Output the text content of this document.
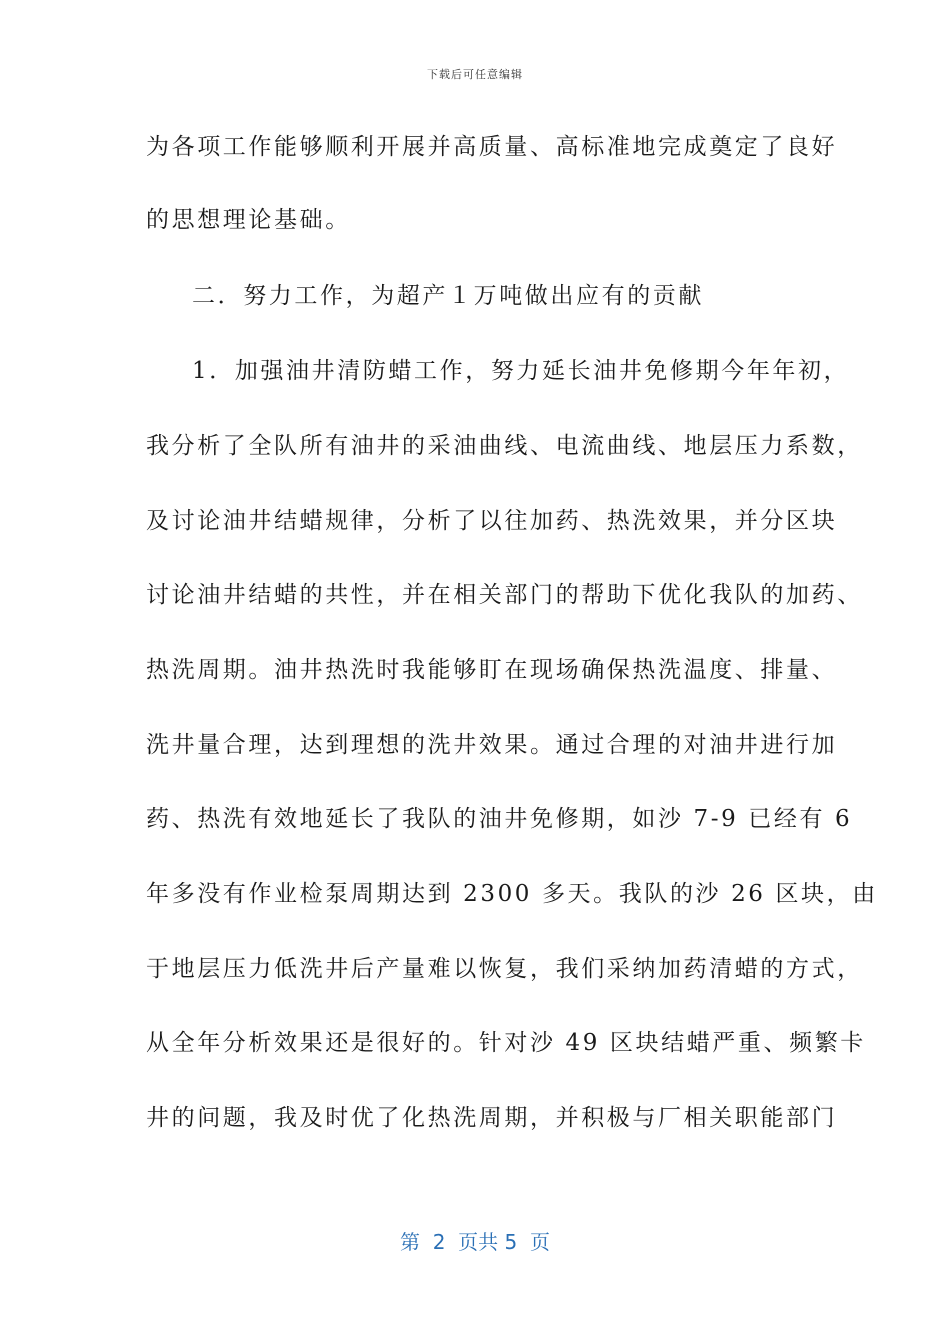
下载后可任意编辑
为各项工作能够顺利开展并高质量、高标准地完成奠定了良好
的思想理论基础。
二．努力工作，为超产１万吨做出应有的贡献
1．加强油井清防蜡工作，努力延长油井免修期今年年初，
我分析了全队所有油井的采油曲线、电流曲线、地层压力系数，
及讨论油井结蜡规律，分析了以往加药、热洗效果，并分区块
讨论油井结蜡的共性，并在相关部门的帮助下优化我队的加药、
热洗周期。油井热洗时我能够盯在现场确保热洗温度、排量、
洗井量合理，达到理想的洗井效果。通过合理的对油井进行加
药、热洗有效地延长了我队的油井免修期，如沙 7-9 已经有 6
年多没有作业检泵周期达到 2300 多天。我队的沙 26 区块，由
于地层压力低洗井后产量难以恢复，我们采纳加药清蜡的方式，
从全年分析效果还是很好的。针对沙 49 区块结蜡严重、频繁卡
井的问题，我及时优了化热洗周期，并积极与厂相关职能部门
第  2  页共 5  页
